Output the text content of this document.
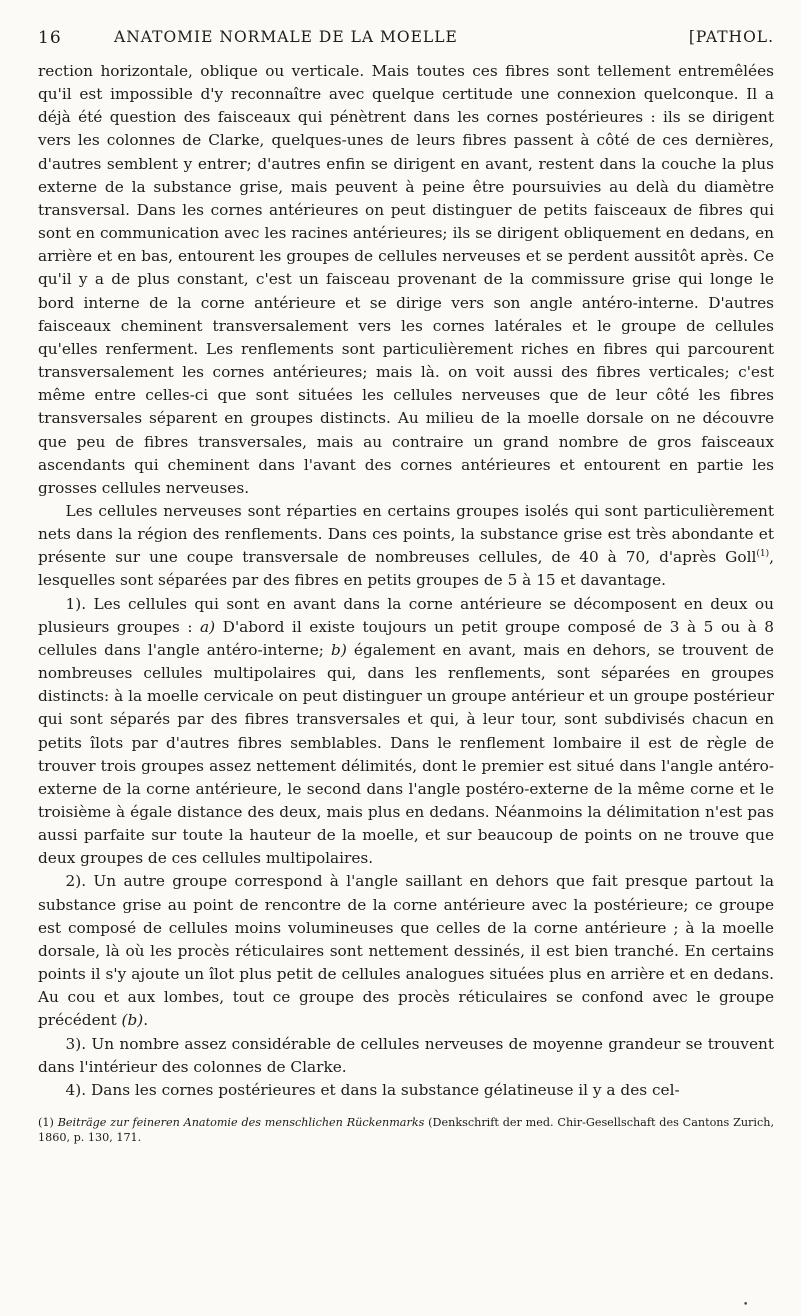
16	ANATOMIE NORMALE DE LA MOELLE	[PATHOL.

rection horizontale, oblique ou verticale. Mais toutes ces fibres sont tellement entremêlées qu'il est impossible d'y reconnaître avec quelque certitude une connexion quelconque. Il a déjà été question des faisceaux qui pénètrent dans les cornes postérieures : ils se dirigent vers les colonnes de Clarke, quelques-unes de leurs fibres passent à côté de ces dernières, d'autres semblent y entrer; d'autres enfin se dirigent en avant, restent dans la couche la plus externe de la substance grise, mais peuvent à peine être poursuivies au delà du diamètre transversal. Dans les cornes antérieures on peut distinguer de petits faisceaux de fibres qui sont en communication avec les racines antérieures; ils se dirigent obliquement en dedans, en arrière et en bas, entourent les groupes de cellules nerveuses et se perdent aussitôt après. Ce qu'il y a de plus constant, c'est un faisceau provenant de la commissure grise qui longe le bord interne de la corne antérieure et se dirige vers son angle antéro-interne. D'autres faisceaux cheminent transversalement vers les cornes latérales et le groupe de cellules qu'elles renferment. Les renflements sont particulièrement riches en fibres qui parcourent transversalement les cornes antérieures; mais là. on voit aussi des fibres verticales; c'est même entre celles-ci que sont situées les cellules nerveuses que de leur côté les fibres transversales séparent en groupes distincts. Au milieu de la moelle dorsale on ne découvre que peu de fibres transversales, mais au contraire un grand nombre de gros faisceaux ascendants qui cheminent dans l'avant des cornes antérieures et entourent en partie les grosses cellules nerveuses.

Les cellules nerveuses sont réparties en certains groupes isolés qui sont particulièrement nets dans la région des renflements. Dans ces points, la substance grise est très abondante et présente sur une coupe transversale de nombreuses cellules, de 40 à 70, d'après Goll$^{(1)}$, lesquelles sont séparées par des fibres en petits groupes de 5 à 15 et davantage.

1). Les cellules qui sont en avant dans la corne antérieure se décomposent en deux ou plusieurs groupes : a) D'abord il existe toujours un petit groupe composé de 3 à 5 ou à 8 cellules dans l'angle antéro-interne; b) également en avant, mais en dehors, se trouvent de nombreuses cellules multipolaires qui, dans les renflements, sont séparées en groupes distincts: à la moelle cervicale on peut distinguer un groupe antérieur et un groupe postérieur qui sont séparés par des fibres transversales et qui, à leur tour, sont subdivisés chacun en petits îlots par d'autres fibres semblables. Dans le renflement lombaire il est de règle de trouver trois groupes assez nettement délimités, dont le premier est situé dans l'angle antéro-externe de la corne antérieure, le second dans l'angle postéro-externe de la même corne et le troisième à égale distance des deux, mais plus en dedans. Néanmoins la délimitation n'est pas aussi parfaite sur toute la hauteur de la moelle, et sur beaucoup de points on ne trouve que deux groupes de ces cellules multipolaires.

2). Un autre groupe correspond à l'angle saillant en dehors que fait presque partout la substance grise au point de rencontre de la corne antérieure avec la postérieure; ce groupe est composé de cellules moins volumineuses que celles de la corne antérieure ; à la moelle dorsale, là où les procès réticulaires sont nettement dessinés, il est bien tranché. En certains points il s'y ajoute un îlot plus petit de cellules analogues situées plus en arrière et en dedans. Au cou et aux lombes, tout ce groupe des procès réticulaires se confond avec le groupe précédent (b).

3). Un nombre assez considérable de cellules nerveuses de moyenne grandeur se trouvent dans l'intérieur des colonnes de Clarke.

4). Dans les cornes postérieures et dans la substance gélatineuse il y a des cel-

(1) Beiträge zur feineren Anatomie des menschlichen Rückenmarks (Denkschrift der med. Chir-Gesellschaft des Cantons Zurich, 1860, p. 130, 171.
•
